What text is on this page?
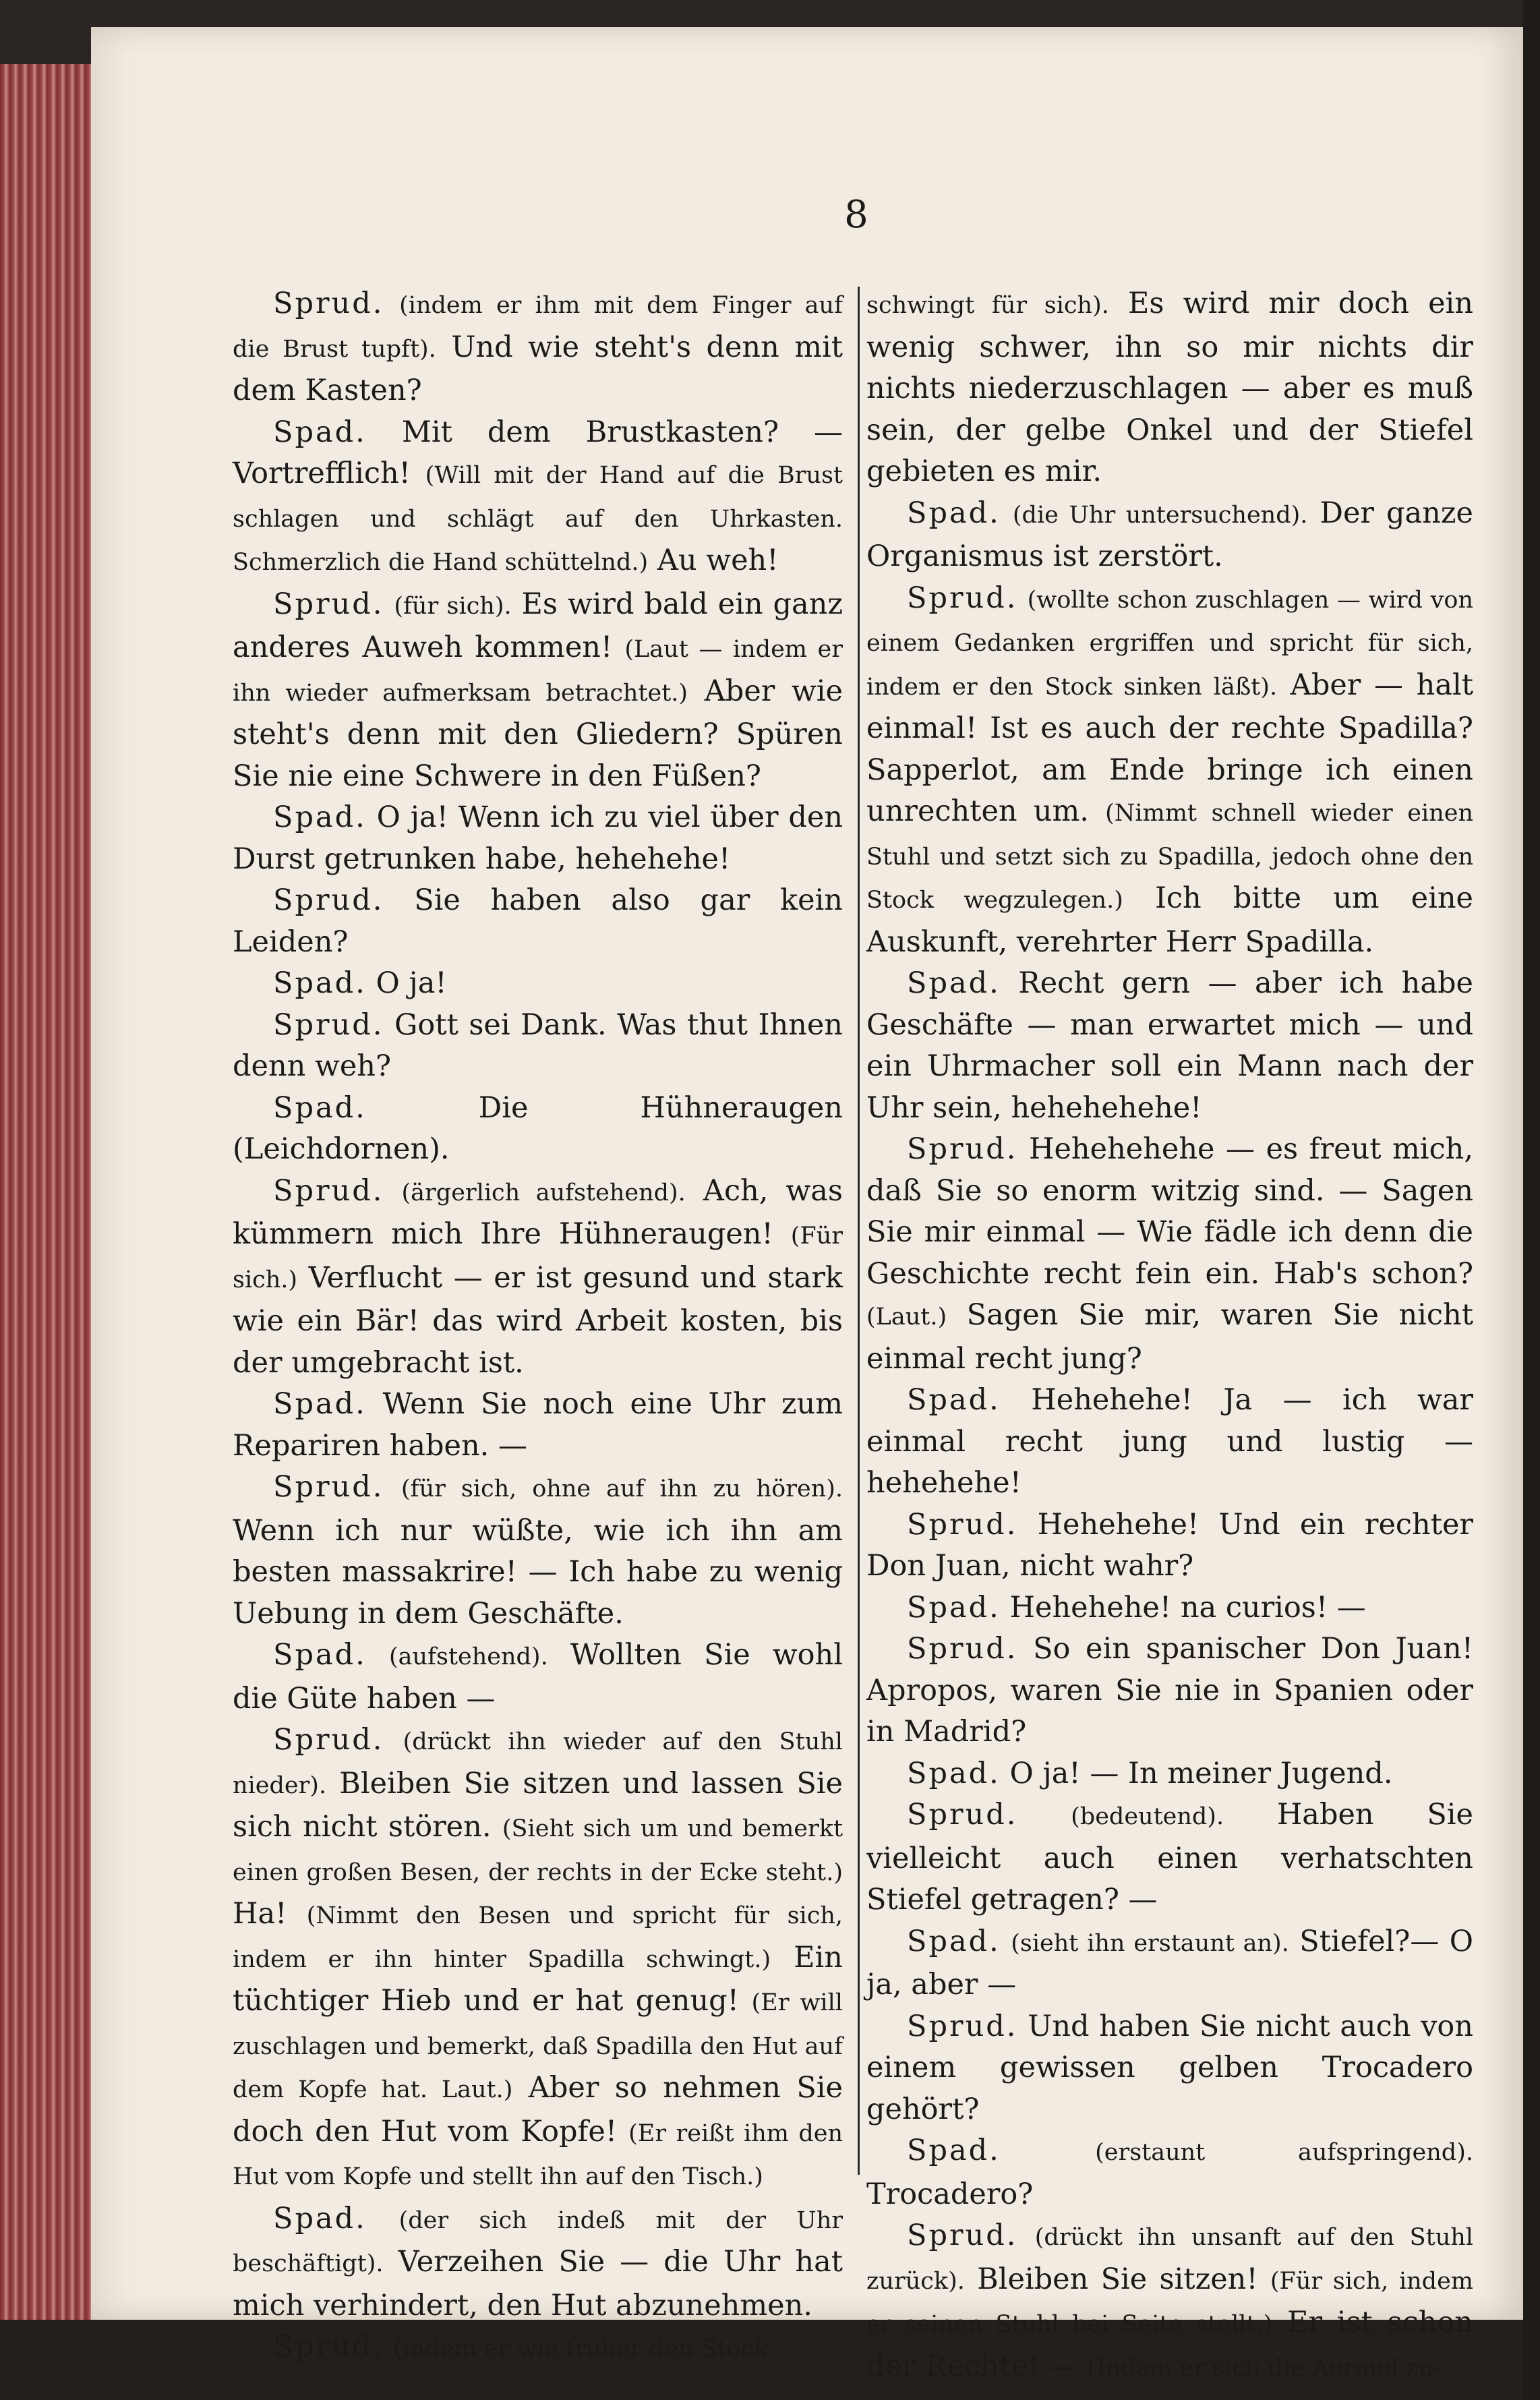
8

Sprud. (indem er ihm mit dem Finger auf die Brust tupft). Und wie steht's denn mit dem Kasten?

Spad. Mit dem Brustkasten? — Vortrefflich! (Will mit der Hand auf die Brust schlagen und schlägt auf den Uhrkasten. Schmerzlich die Hand schüttelnd.) Au weh!

Sprud. (für sich). Es wird bald ein ganz anderes Auweh kommen! (Laut — indem er ihn wieder aufmerksam betrachtet.) Aber wie steht's denn mit den Gliedern? Spüren Sie nie eine Schwere in den Füßen?

Spad. O ja! Wenn ich zu viel über den Durst getrunken habe, hehehehe!

Sprud. Sie haben also gar kein Leiden?

Spad. O ja!

Sprud. Gott sei Dank. Was thut Ihnen denn weh?

Spad.	Die Hühneraugen (Leichdornen).

Sprud. (ärgerlich aufstehend). Ach, was kümmern mich Ihre Hühneraugen! (Für sich.) Verflucht — er ist gesund und stark wie ein Bär! das wird Arbeit kosten, bis der umgebracht ist.

Spad. Wenn Sie noch eine Uhr zum Repariren haben. —

Sprud. (für sich, ohne auf ihn zu hören). Wenn ich nur wüßte, wie ich ihn am besten massakrire! — Ich habe zu wenig Uebung in dem Geschäfte.

Spad. (aufstehend). Wollten Sie wohl die Güte haben —

Sprud. (drückt ihn wieder auf den Stuhl nieder). Bleiben Sie sitzen und lassen Sie sich nicht stören. (Sieht sich um und bemerkt einen großen Besen, der rechts in der Ecke steht.) Ha! (Nimmt den Besen und spricht für sich, indem er ihn hinter Spadilla schwingt.) Ein tüchtiger Hieb und er hat genug! (Er will zuschlagen und bemerkt, daß Spadilla den Hut auf dem Kopfe hat. Laut.) Aber so nehmen Sie doch den Hut vom Kopfe! (Er reißt ihm den Hut vom Kopfe und stellt ihn auf den Tisch.)

Spad. (der sich indeß mit der Uhr beschäftigt). Verzeihen Sie — die Uhr hat mich verhindert, den Hut abzunehmen.

Sprud. (indem er wie früher den Stock

schwingt für sich). Es wird mir doch ein wenig schwer, ihn so mir nichts dir nichts niederzuschlagen — aber es muß sein, der gelbe Onkel und der Stiefel gebieten es mir.

Spad. (die Uhr untersuchend). Der ganze Organismus ist zerstört.

Sprud. (wollte schon zuschlagen — wird von einem Gedanken ergriffen und spricht für sich, indem er den Stock sinken läßt). Aber — halt einmal! Ist es auch der rechte Spadilla? Sapperlot, am Ende bringe ich einen unrechten um. (Nimmt schnell wieder einen Stuhl und setzt sich zu Spadilla, jedoch ohne den Stock wegzulegen.) Ich bitte um eine Auskunft, verehrter Herr Spadilla.

Spad. Recht gern — aber ich habe Geschäfte — man erwartet mich — und ein Uhrmacher soll ein Mann nach der Uhr sein, hehehehehe!

Sprud. Hehehehehe — es freut mich, daß Sie so enorm witzig sind. — Sagen Sie mir einmal — Wie fädle ich denn die Geschichte recht fein ein. Hab's schon? (Laut.) Sagen Sie mir, waren Sie nicht einmal recht jung?

Spad. Hehehehe! Ja — ich war einmal recht jung und lustig — hehehehe!

Sprud. Hehehehe! Und ein rechter Don Juan, nicht wahr?

Spad. Hehehehe! na curios! —

Sprud. So ein spanischer Don Juan! Apropos, waren Sie nie in Spanien oder in Madrid?

Spad. O ja! — In meiner Jugend.

Sprud. (bedeutend). Haben Sie vielleicht auch einen verhatschten Stiefel getragen? —

Spad. (sieht ihn erstaunt an). Stiefel?— O ja, aber —

Sprud. Und haben Sie nicht auch von einem gewissen gelben Trocadero gehört?

Spad.	(erstaunt aufspringend). Trocadero?

Sprud. (drückt ihn unsanft auf den Stuhl zurück). Bleiben Sie sitzen! (Für sich, indem er seinen Stuhl bei Seite stellt.) Er ist schon der Rechte! — (Indem er sich die Aermel zu-
